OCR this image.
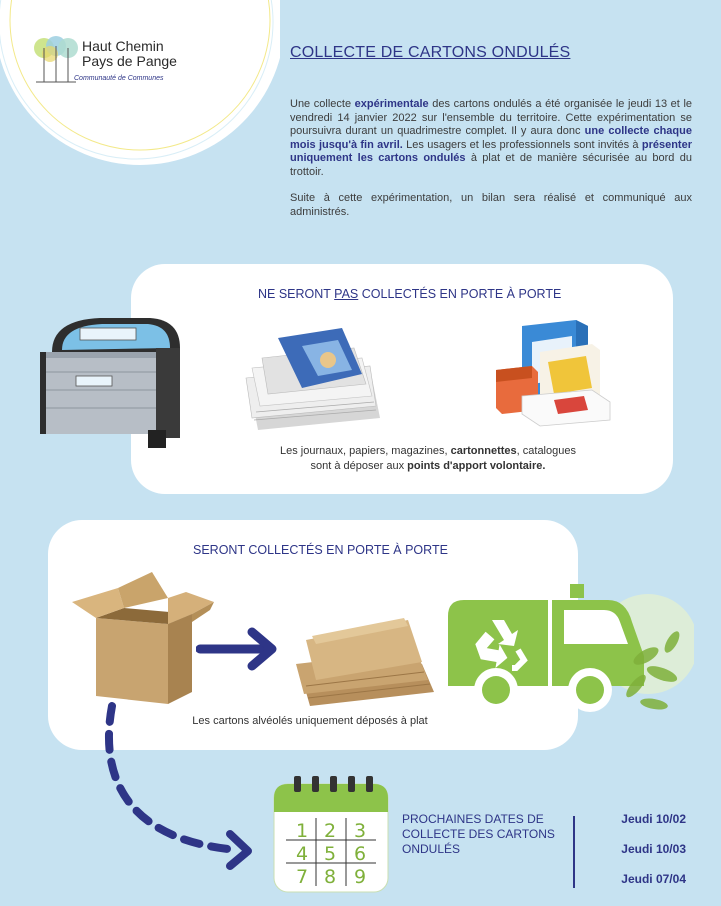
Haut Chemin
Pays de Pange
Communauté de Communes
COLLECTE DE CARTONS ONDULÉS

Une collecte expérimentale des cartons ondulés a été organisée le jeudi 13 et le vendredi 14 janvier 2022 sur l'ensemble du territoire. Cette expérimentation se poursuivra durant un quadrimestre complet. Il y aura donc une collecte chaque mois jusqu'à fin avril. Les usagers et les professionnels sont invités à présenter uniquement les cartons ondulés à plat et de manière sécurisée au bord du trottoir.

Suite à cette expérimentation, un bilan sera réalisé et communiqué aux administrés.

NE SERONT PAS COLLECTÉS EN PORTE À PORTE
Les journaux, papiers, magazines, cartonnettes, catalogues
sont à déposer aux points d'apport volontaire.
SERONT COLLECTÉS EN PORTE À PORTE
Les cartons alvéolés uniquement déposés à plat
1 2 3
4 5 6
7 8 9
PROCHAINES DATES DE COLLECTE DES CARTONS ONDULÉS
Jeudi 10/02
Jeudi 10/03
Jeudi 07/04
